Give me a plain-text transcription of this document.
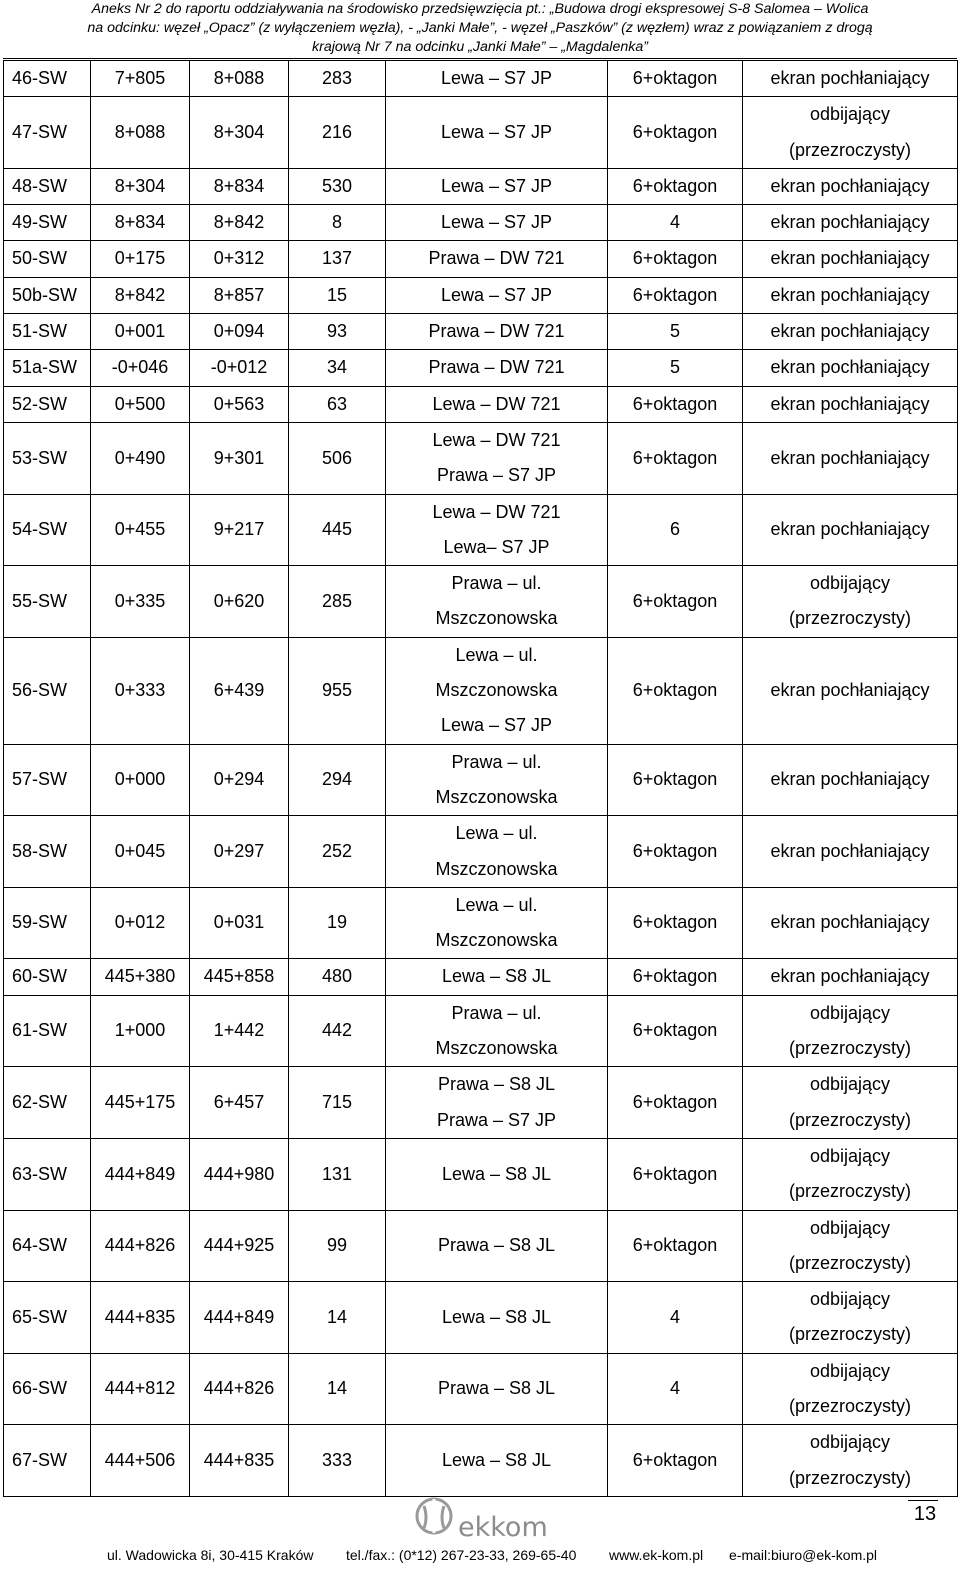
Aneks Nr 2 do raportu oddziaływania na środowisko przedsięwzięcia pt.: „Budowa drogi ekspresowej S-8 Salomea – Wolica
na odcinku: węzeł „Opacz” (z wyłączeniem węzła), - „Janki Małe”, - węzeł „Paszków” (z węzłem) wraz z powiązaniem z drogą
krajową Nr 7 na odcinku „Janki Małe” – „Magdalenka”
46-SW	7+805	8+088	283	Lewa – S7 JP	6+oktagon	ekran pochłaniający

47-SW	8+088	8+304	216	Lewa – S7 JP	6+oktagon	odbijający
(przezroczysty)

48-SW	8+304	8+834	530	Lewa – S7 JP	6+oktagon	ekran pochłaniający

49-SW	8+834	8+842	8	Lewa – S7 JP	4	ekran pochłaniający

50-SW	0+175	0+312	137	Prawa – DW 721	6+oktagon	ekran pochłaniający

50b-SW	8+842	8+857	15	Lewa – S7 JP	6+oktagon	ekran pochłaniający

51-SW	0+001	0+094	93	Prawa – DW 721	5	ekran pochłaniający

51a-SW	-0+046	-0+012	34	Prawa – DW 721	5	ekran pochłaniający

52-SW	0+500	0+563	63	Lewa – DW 721	6+oktagon	ekran pochłaniający

53-SW	0+490	9+301	506	Lewa – DW 721
Prawa – S7 JP	6+oktagon	ekran pochłaniający

54-SW	0+455	9+217	445	Lewa – DW 721
Lewa– S7 JP	6	ekran pochłaniający

55-SW	0+335	0+620	285	Prawa – ul.
Mszczonowska	6+oktagon	odbijający
(przezroczysty)

56-SW	0+333	6+439	955	Lewa – ul.
Mszczonowska
Lewa – S7 JP	6+oktagon	ekran pochłaniający

57-SW	0+000	0+294	294	Prawa – ul.
Mszczonowska	6+oktagon	ekran pochłaniający

58-SW	0+045	0+297	252	Lewa – ul.
Mszczonowska	6+oktagon	ekran pochłaniający

59-SW	0+012	0+031	19	Lewa – ul.
Mszczonowska	6+oktagon	ekran pochłaniający

60-SW	445+380	445+858	480	Lewa – S8 JL	6+oktagon	ekran pochłaniający

61-SW	1+000	1+442	442	Prawa – ul.
Mszczonowska	6+oktagon	odbijający
(przezroczysty)

62-SW	445+175	6+457	715	Prawa – S8 JL
Prawa – S7 JP	6+oktagon	odbijający
(przezroczysty)

63-SW	444+849	444+980	131	Lewa – S8 JL	6+oktagon	odbijający
(przezroczysty)

64-SW	444+826	444+925	99	Prawa – S8 JL	6+oktagon	odbijający
(przezroczysty)

65-SW	444+835	444+849	14	Lewa – S8 JL	4	odbijający
(przezroczysty)

66-SW	444+812	444+826	14	Prawa – S8 JL	4	odbijający
(przezroczysty)

67-SW	444+506	444+835	333	Lewa – S8 JL	6+oktagon	odbijający
(przezroczysty)
ekkom	13
ul. Wadowicka 8i, 30-415 Kraków tel./fax.: (0*12) 267-23-33, 269-65-40 www.ek-kom.pl e-mail:biuro@ek-kom.pl
